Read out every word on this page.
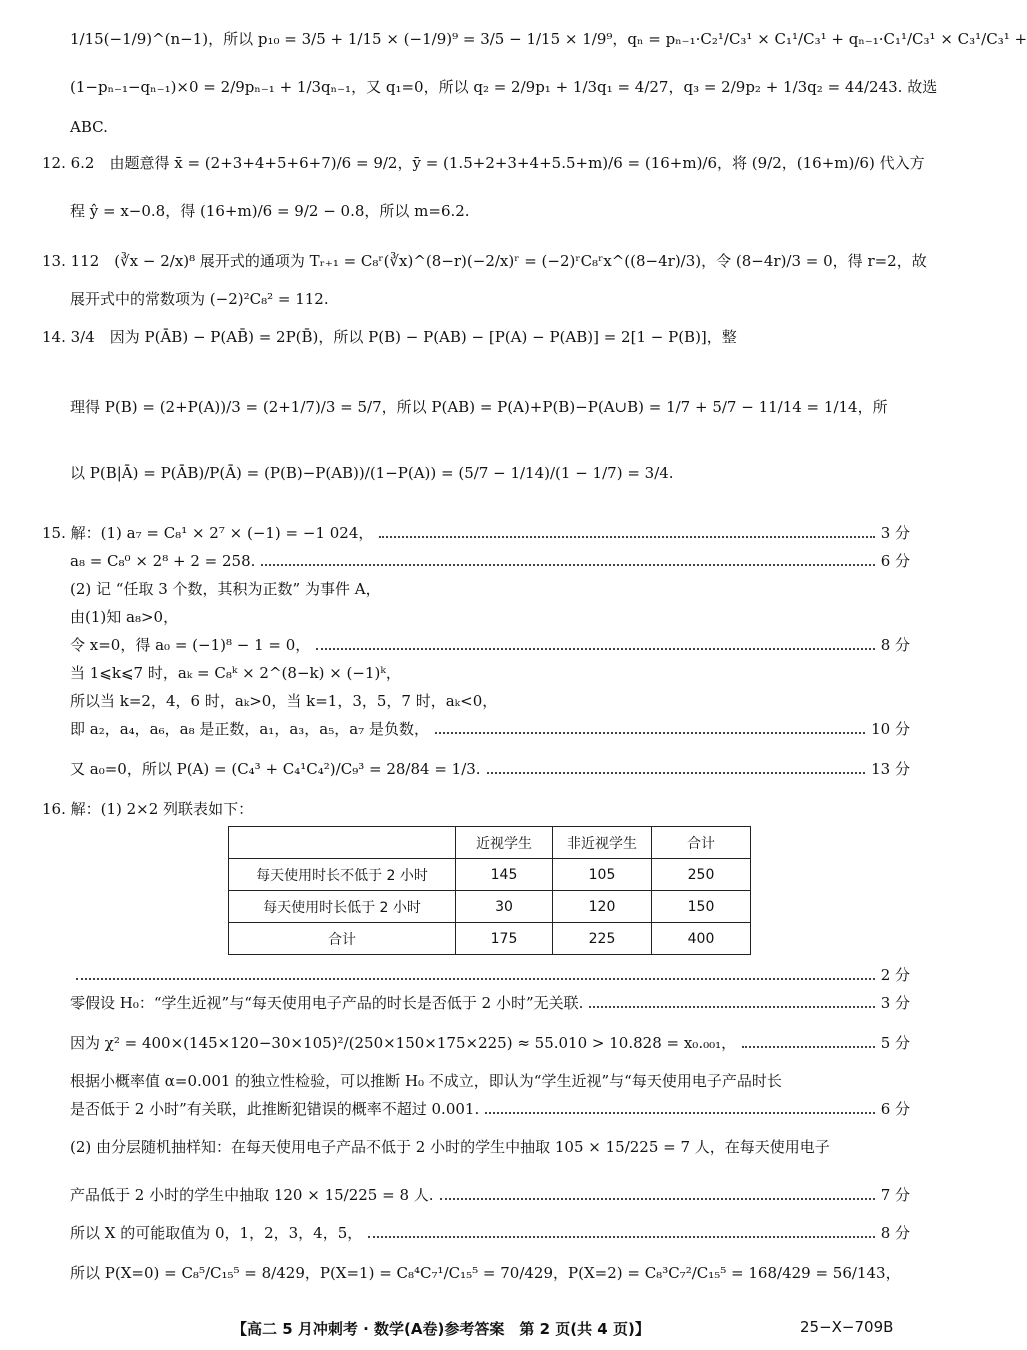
1/15(−1/9)^(n−1)，所以 p₁₀ = 3/5 + 1/15 × (−1/9)⁹ = 3/5 − 1/15 × 1/9⁹，qₙ = pₙ₋₁·C₂¹/C₃¹ × C₁¹/C₃¹ + qₙ₋₁·C₁¹/C₃¹ × C₃¹/C₃¹ +
(1−pₙ₋₁−qₙ₋₁)×0 = 2/9pₙ₋₁ + 1/3qₙ₋₁，又 q₁=0，所以 q₂ = 2/9p₁ + 1/3q₁ = 4/27，q₃ = 2/9p₂ + 1/3q₂ = 44/243. 故选
ABC.
12. 6.2　由题意得 x̄ = (2+3+4+5+6+7)/6 = 9/2，ȳ = (1.5+2+3+4+5.5+m)/6 = (16+m)/6，将 (9/2，(16+m)/6) 代入方
程 ŷ = x−0.8，得 (16+m)/6 = 9/2 − 0.8，所以 m=6.2.
13. 112　(∛x − 2/x)⁸ 展开式的通项为 Tᵣ₊₁ = C₈ʳ(∛x)^(8−r)(−2/x)ʳ = (−2)ʳC₈ʳx^((8−4r)/3)，令 (8−4r)/3 = 0，得 r=2，故
展开式中的常数项为 (−2)²C₈² = 112.
14. 3/4　因为 P(ĀB) − P(AB̄) = 2P(B̄)，所以 P(B) − P(AB) − [P(A) − P(AB)] = 2[1 − P(B)]，整
理得 P(B) = (2+P(A))/3 = (2+1/7)/3 = 5/7，所以 P(AB) = P(A)+P(B)−P(A∪B) = 1/7 + 5/7 − 11/14 = 1/14，所
以 P(B|Ā) = P(ĀB)/P(Ā) = (P(B)−P(AB))/(1−P(A)) = (5/7 − 1/14)/(1 − 1/7) = 3/4.
15. 解：(1) a₇ = C₈¹ × 2⁷ × (−1) = −1 024，	3 分
a₈ = C₈⁰ × 2⁸ + 2 = 258.	6 分
(2) 记 “任取 3 个数，其积为正数” 为事件 A，
由(1)知 a₈>0，
令 x=0，得 a₀ = (−1)⁸ − 1 = 0，	8 分
当 1⩽k⩽7 时，aₖ = C₈ᵏ × 2^(8−k) × (−1)ᵏ，
所以当 k=2，4，6 时，aₖ>0，当 k=1，3，5，7 时，aₖ<0，
即 a₂，a₄，a₆，a₈ 是正数，a₁，a₃，a₅，a₇ 是负数，	10 分
又 a₀=0，所以 P(A) = (C₄³ + C₄¹C₄²)/C₉³ = 28/84 = 1/3.	13 分
16. 解：(1) 2×2 列联表如下：
	近视学生	非近视学生	合计
每天使用时长不低于 2 小时	145	105	250
每天使用时长低于 2 小时	30	120	150
合计	175	225	400
2 分
零假设 H₀：“学生近视”与“每天使用电子产品的时长是否低于 2 小时”无关联.	3 分
因为 χ² = 400×(145×120−30×105)²/(250×150×175×225) ≈ 55.010 > 10.828 = x₀.₀₀₁，	5 分
根据小概率值 α=0.001 的独立性检验，可以推断 H₀ 不成立，即认为“学生近视”与“每天使用电子产品时长
是否低于 2 小时”有关联，此推断犯错误的概率不超过 0.001.	6 分
(2) 由分层随机抽样知：在每天使用电子产品不低于 2 小时的学生中抽取 105 × 15/225 = 7 人，在每天使用电子
产品低于 2 小时的学生中抽取 120 × 15/225 = 8 人.	7 分
所以 X 的可能取值为 0，1，2，3，4，5，	8 分
所以 P(X=0) = C₈⁵/C₁₅⁵ = 8/429，P(X=1) = C₈⁴C₇¹/C₁₅⁵ = 70/429，P(X=2) = C₈³C₇²/C₁₅⁵ = 168/429 = 56/143，
【高二 5 月冲刺考 · 数学(A卷)参考答案　第 2 页(共 4 页)】	25−X−709B
